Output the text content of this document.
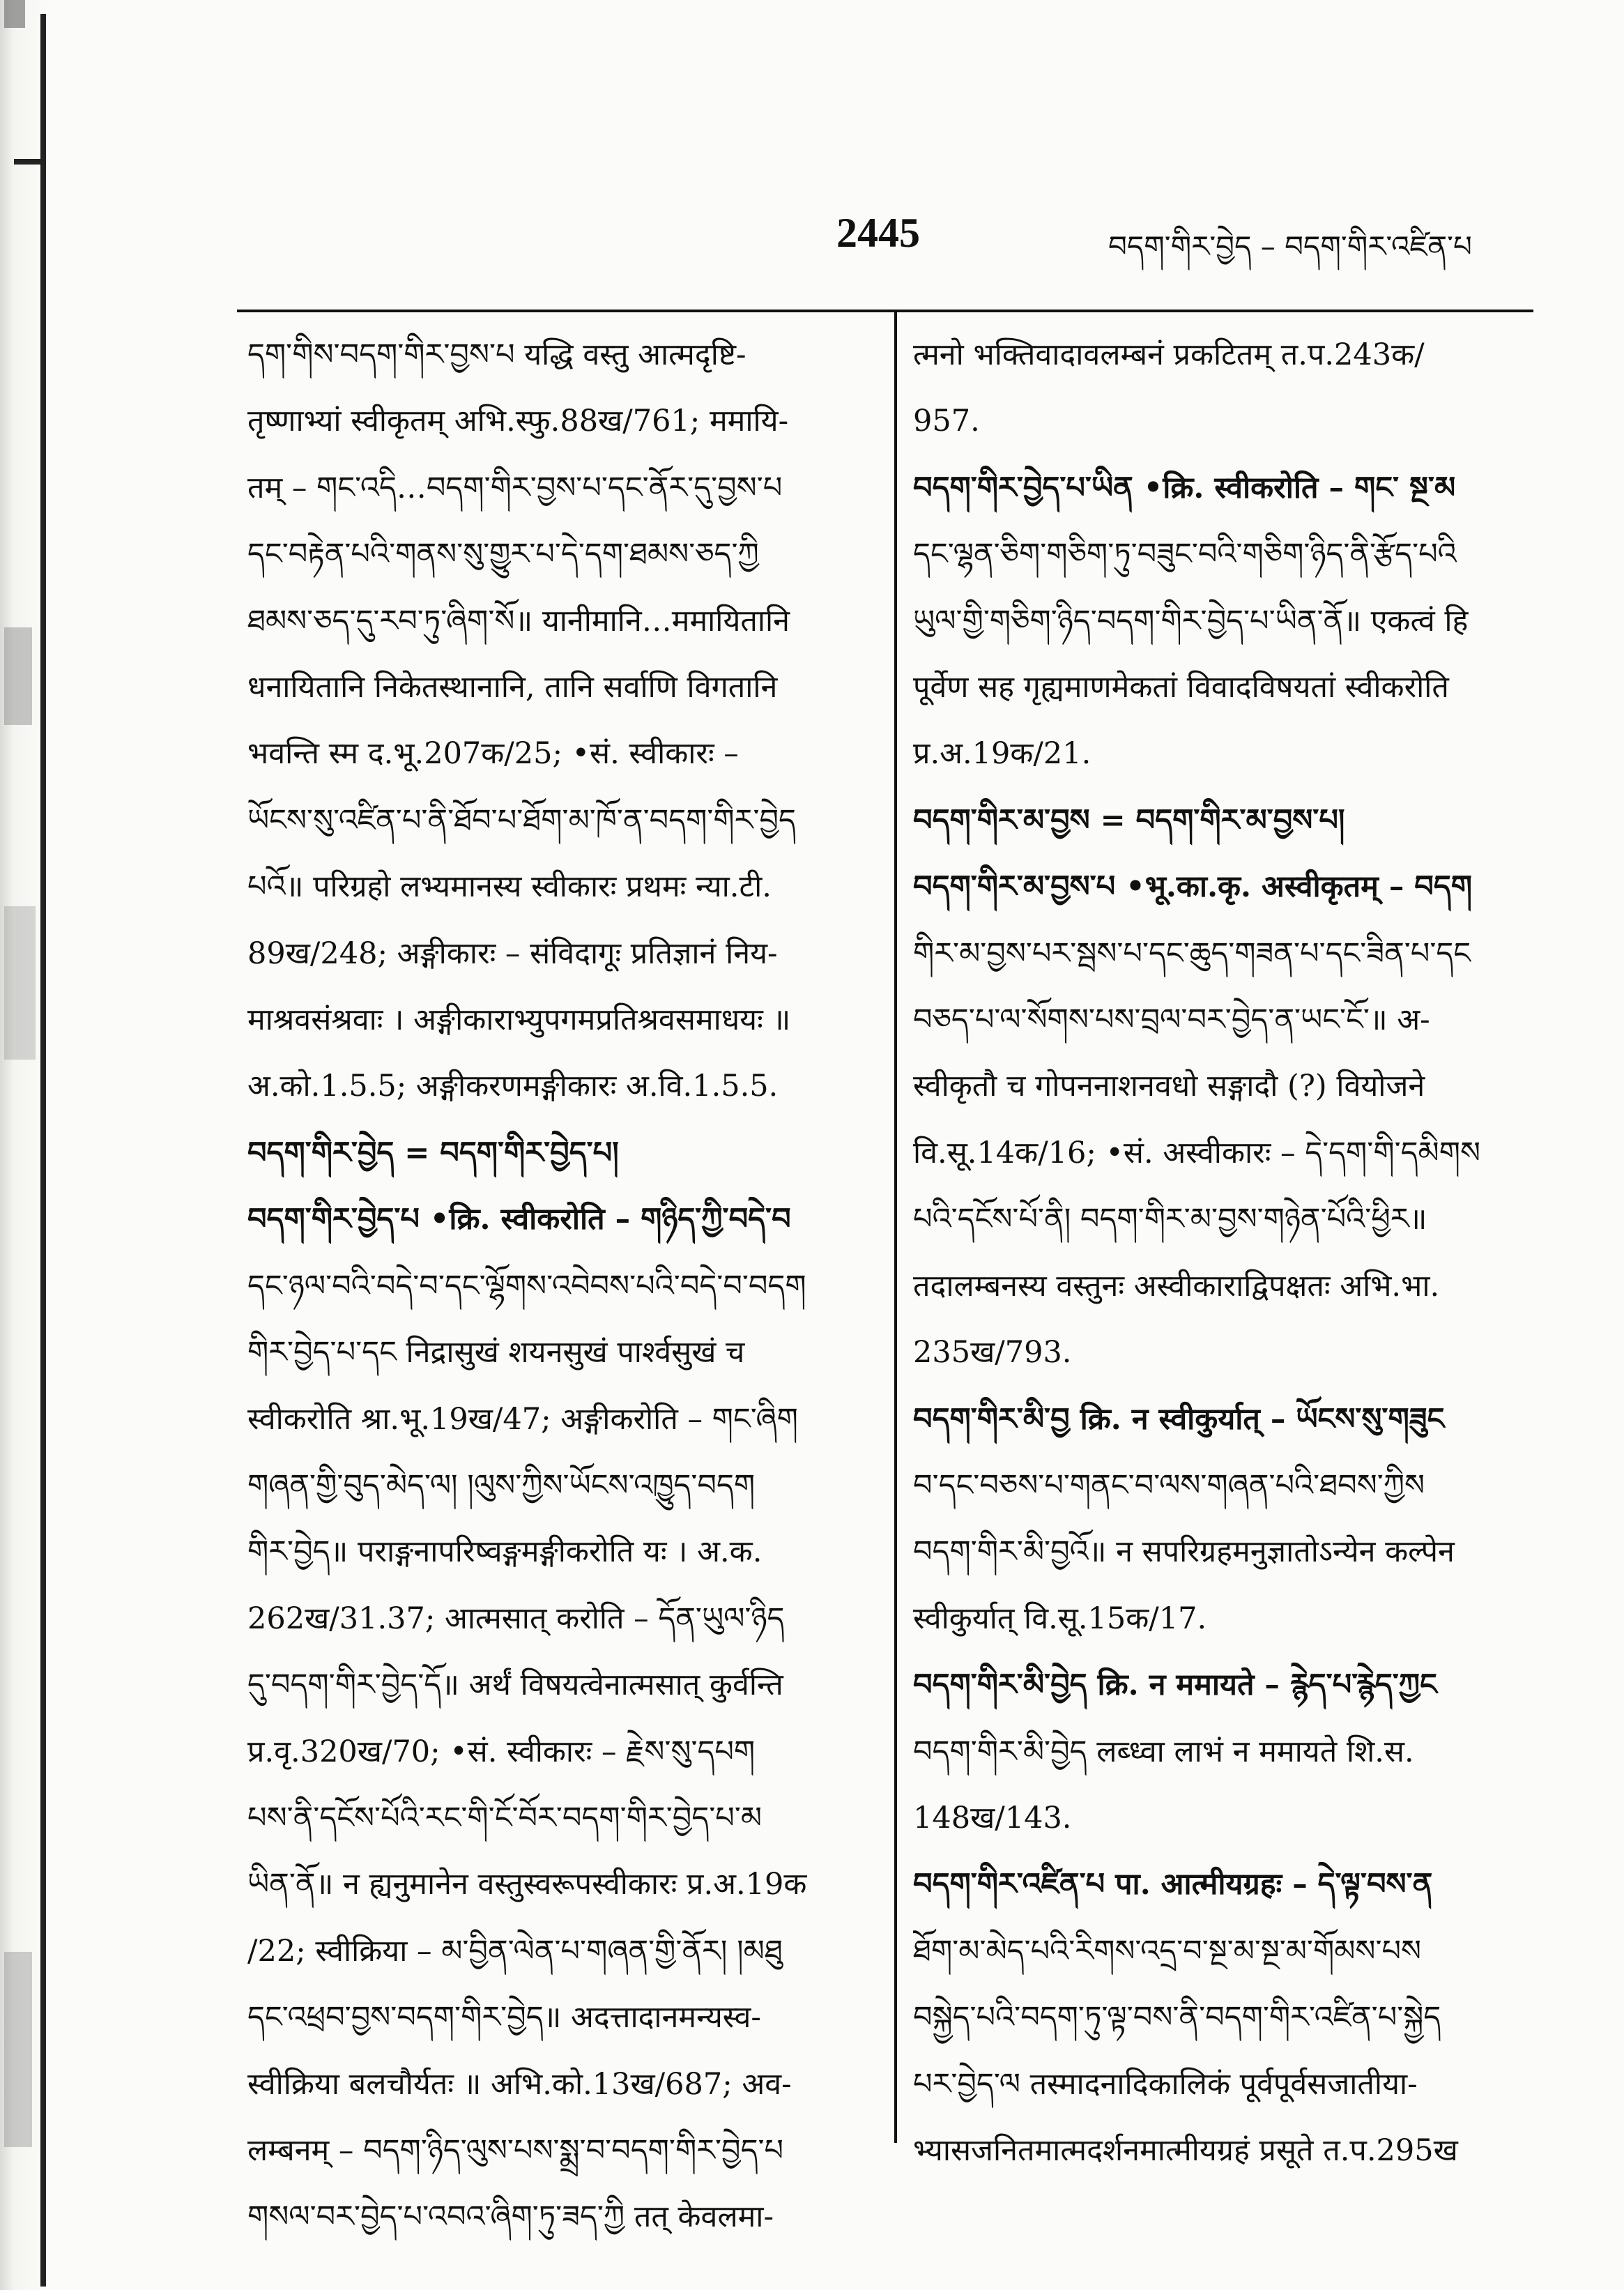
2445	བདག་གིར་བྱེད – བདག་གིར་འཛིན་པ
དག་གིས་བདག་གིར་བྱས་པ यद्धि वस्तु आत्मदृष्टि-
तृष्णाभ्यां स्वीकृतम् अभि.स्फु.88ख/761; ममायि-
तम् – གང་འདི…བདག་གིར་བྱས་པ་དང་ནོར་དུ་བྱས་པ
དང་བརྟེན་པའི་གནས་སུ་གྱུར་པ་དེ་དག་ཐམས་ཅད་ཀྱི
ཐམས་ཅད་དུ་རབ་ཏུ་ཞིག་སོ॥ यानीमानि…ममायितानि
धनायितानि निकेतस्थानानि, तानि सर्वाणि विगतानि
भवन्ति स्म द.भू.207क/25; •सं. स्वीकारः –
ཡོངས་སུ་འཛིན་པ་ནི་ཐོབ་པ་ཐོག་མ་ཁོ་ན་བདག་གིར་བྱེད
པའོ॥ परिग्रहो लभ्यमानस्य स्वीकारः प्रथमः न्या.टी.
89ख/248; अङ्गीकारः – संविदागूः प्रतिज्ञानं निय-
माश्रवसंश्रवाः । अङ्गीकाराभ्युपगमप्रतिश्रवसमाधयः ॥
अ.को.1.5.5; अङ्गीकरणमङ्गीकारः अ.वि.1.5.5.
བདག་གིར་བྱེད = བདག་གིར་བྱེད་པ།
བདག་གིར་བྱེད་པ •क्रि. स्वीकरोति – གཉིད་ཀྱི་བདེ་བ
དང་ཉལ་བའི་བདེ་བ་དང་ལྷོགས་འབེབས་པའི་བདེ་བ་བདག
གིར་བྱེད་པ་དང निद्रासुखं शयनसुखं पार्श्वसुखं च
स्वीकरोति श्रा.भू.19ख/47; अङ्गीकरोति – གང་ཞིག
གཞན་གྱི་བུད་མེད་ལ། །ལུས་ཀྱིས་ཡོངས་འཁྱུད་བདག
གིར་བྱེད॥ पराङ्गनापरिष्वङ्गमङ्गीकरोति यः । अ.क.
262ख/31.37; आत्मसात् करोति – དོན་ཡུལ་ཉིད
དུ་བདག་གིར་བྱེད་དོ॥ अर्थं विषयत्वेनात्मसात् कुर्वन्ति
प्र.वृ.320ख/70; •सं. स्वीकारः – རྗེས་སུ་དཔག
པས་ནི་དངོས་པོའི་རང་གི་ངོ་བོར་བདག་གིར་བྱེད་པ་མ
ཡིན་ནོ॥ न ह्यनुमानेन वस्तुस्वरूपस्वीकारः प्र.अ.19क
/22; स्वीक्रिया – མ་བྱིན་ལེན་པ་གཞན་གྱི་ནོར། །མཐུ
དང་འཕྲབ་བྱས་བདག་གིར་བྱེད॥ अदत्तादानमन्यस्व-
स्वीक्रिया बलचौर्यतः ॥ अभि.को.13ख/687; अव-
लम्बनम् – བདག་ཉིད་ལུས་པས་སྨྲ་བ་བདག་གིར་བྱེད་པ
གསལ་བར་བྱེད་པ་འབའ་ཞིག་ཏུ་ཟད་ཀྱི तत् केवलमा-
त्मनो भक्तिवादावलम्बनं प्रकटितम् त.प.243क/
957.
བདག་གིར་བྱེད་པ་ཡིན •क्रि. स्वीकरोति – གང་ སྔ་མ
དང་ལྷན་ཅིག་གཅིག་ཏུ་བཟུང་བའི་གཅིག་ཉིད་ནི་རྩོད་པའི
ཡུལ་གྱི་གཅིག་ཉིད་བདག་གིར་བྱེད་པ་ཡིན་ནོ॥ एकत्वं हि
पूर्वेण सह गृह्यमाणमेकतां विवादविषयतां स्वीकरोति
प्र.अ.19क/21.
བདག་གིར་མ་བྱས = བདག་གིར་མ་བྱས་པ།
བདག་གིར་མ་བྱས་པ •भू.का.कृ. अस्वीकृतम् – བདག
གིར་མ་བྱས་པར་སྦས་པ་དང་ཆུད་གཟན་པ་དང་ཟིན་པ་དང
བཅད་པ་ལ་སོགས་པས་བྲལ་བར་བྱེད་ན་ཡང་ངོ་॥ अ-
स्वीकृतौ च गोपननाशनवधो सङ्गादौ (?) वियोजने
वि.सू.14क/16; •सं. अस्वीकारः – དེ་དག་གི་དམིགས
པའི་དངོས་པོ་ནི། བདག་གིར་མ་བྱས་གཉེན་པོའི་ཕྱིར॥
तदालम्बनस्य वस्तुनः अस्वीकाराद्विपक्षतः अभि.भा.
235ख/793.
བདག་གིར་མི་བྱ क्रि. न स्वीकुर्यात् – ཡོངས་སུ་གཟུང
བ་དང་བཅས་པ་གནང་བ་ལས་གཞན་པའི་ཐབས་ཀྱིས
བདག་གིར་མི་བྱའོ॥ न सपरिग्रहमनुज्ञातोऽन्येन कल्पेन
स्वीकुर्यात् वि.सू.15क/17.
བདག་གིར་མི་བྱེད क्रि. न ममायते – རྙེད་པ་རྙེད་ཀྱང
བདག་གིར་མི་བྱེད लब्ध्वा लाभं न ममायते शि.स.
148ख/143.
བདག་གིར་འཛིན་པ पा. आत्मीयग्रहः – དེ་ལྟ་བས་ན
ཐོག་མ་མེད་པའི་རིགས་འདྲ་བ་སྔ་མ་སྔ་མ་གོམས་པས
བསྐྱེད་པའི་བདག་ཏུ་ལྟ་བས་ནི་བདག་གིར་འཛིན་པ་སྐྱེད
པར་བྱེད་ལ तस्मादनादिकालिकं पूर्वपूर्वसजातीया-
भ्यासजनितमात्मदर्शनमात्मीयग्रहं प्रसूते त.प.295ख
